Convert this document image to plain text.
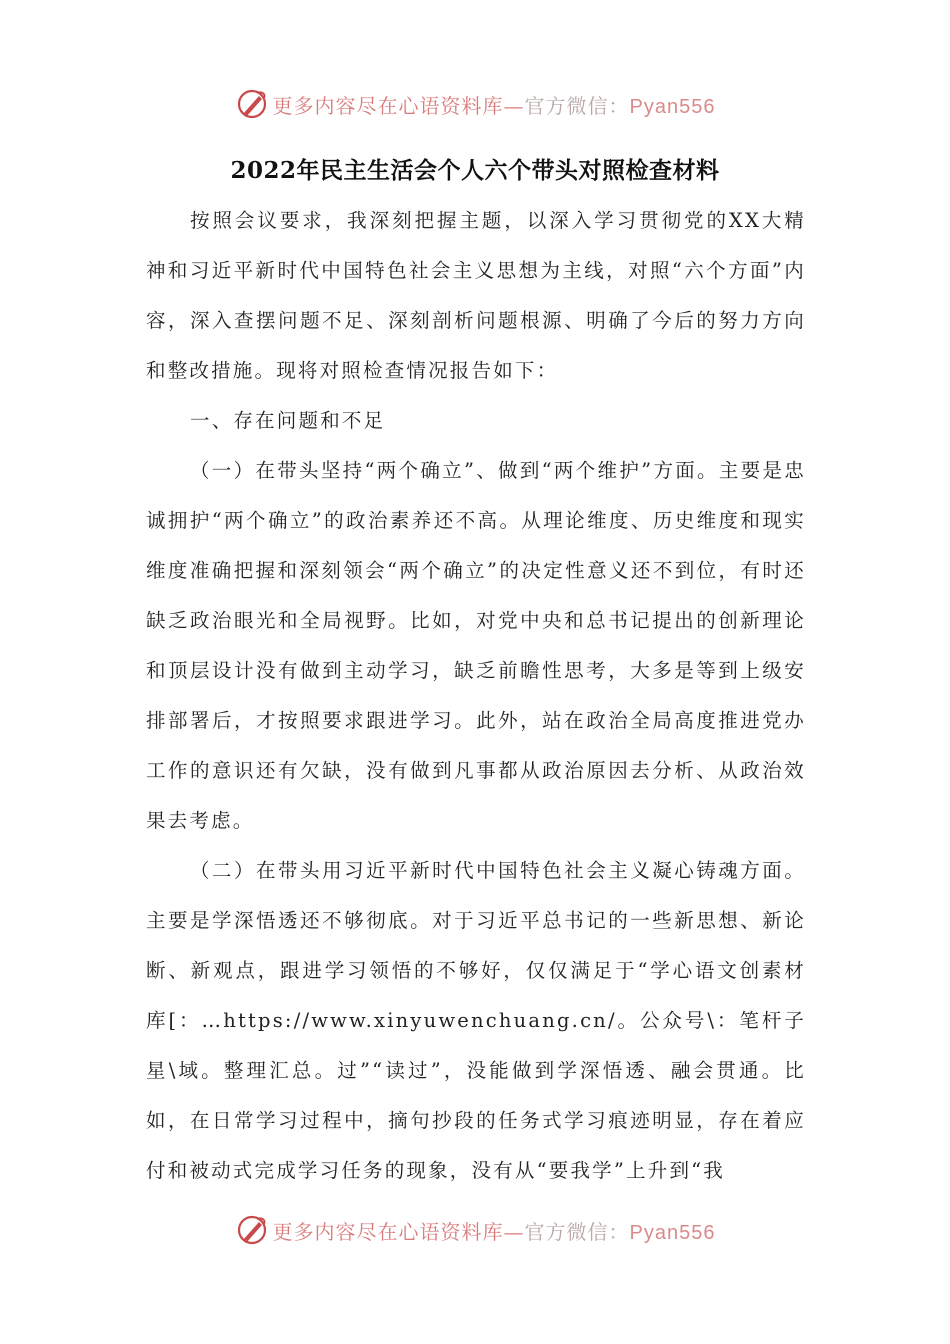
更多内容尽在心语资料库—官方微信：Pyan556
2022年民主生活会个人六个带头对照检查材料

按照会议要求，我深刻把握主题，以深入学习贯彻党的XX大精神和习近平新时代中国特色社会主义思想为主线，对照“六个方面”内容，深入查摆问题不足、深刻剖析问题根源、明确了今后的努力方向和整改措施。现将对照检查情况报告如下：

一、存在问题和不足

（一）在带头坚持“两个确立”、做到“两个维护”方面。主要是忠诚拥护“两个确立”的政治素养还不高。从理论维度、历史维度和现实维度准确把握和深刻领会“两个确立”的决定性意义还不到位，有时还缺乏政治眼光和全局视野。比如，对党中央和总书记提出的创新理论和顶层设计没有做到主动学习，缺乏前瞻性思考，大多是等到上级安排部署后，才按照要求跟进学习。此外，站在政治全局高度推进党办工作的意识还有欠缺，没有做到凡事都从政治原因去分析、从政治效果去考虑。

（二）在带头用习近平新时代中国特色社会主义凝心铸魂方面。主要是学深悟透还不够彻底。对于习近平总书记的一些新思想、新论断、新观点，跟进学习领悟的不够好，仅仅满足于“学心语文创素材库[：…https://www.xinyuwenchuang.cn/。公众号\：笔杆子星\域。整理汇总。过”“读过”，没能做到学深悟透、融会贯通。比如，在日常学习过程中，摘句抄段的任务式学习痕迹明显，存在着应付和被动式完成学习任务的现象，没有从“要我学”上升到“我

更多内容尽在心语资料库—官方微信：Pyan556
